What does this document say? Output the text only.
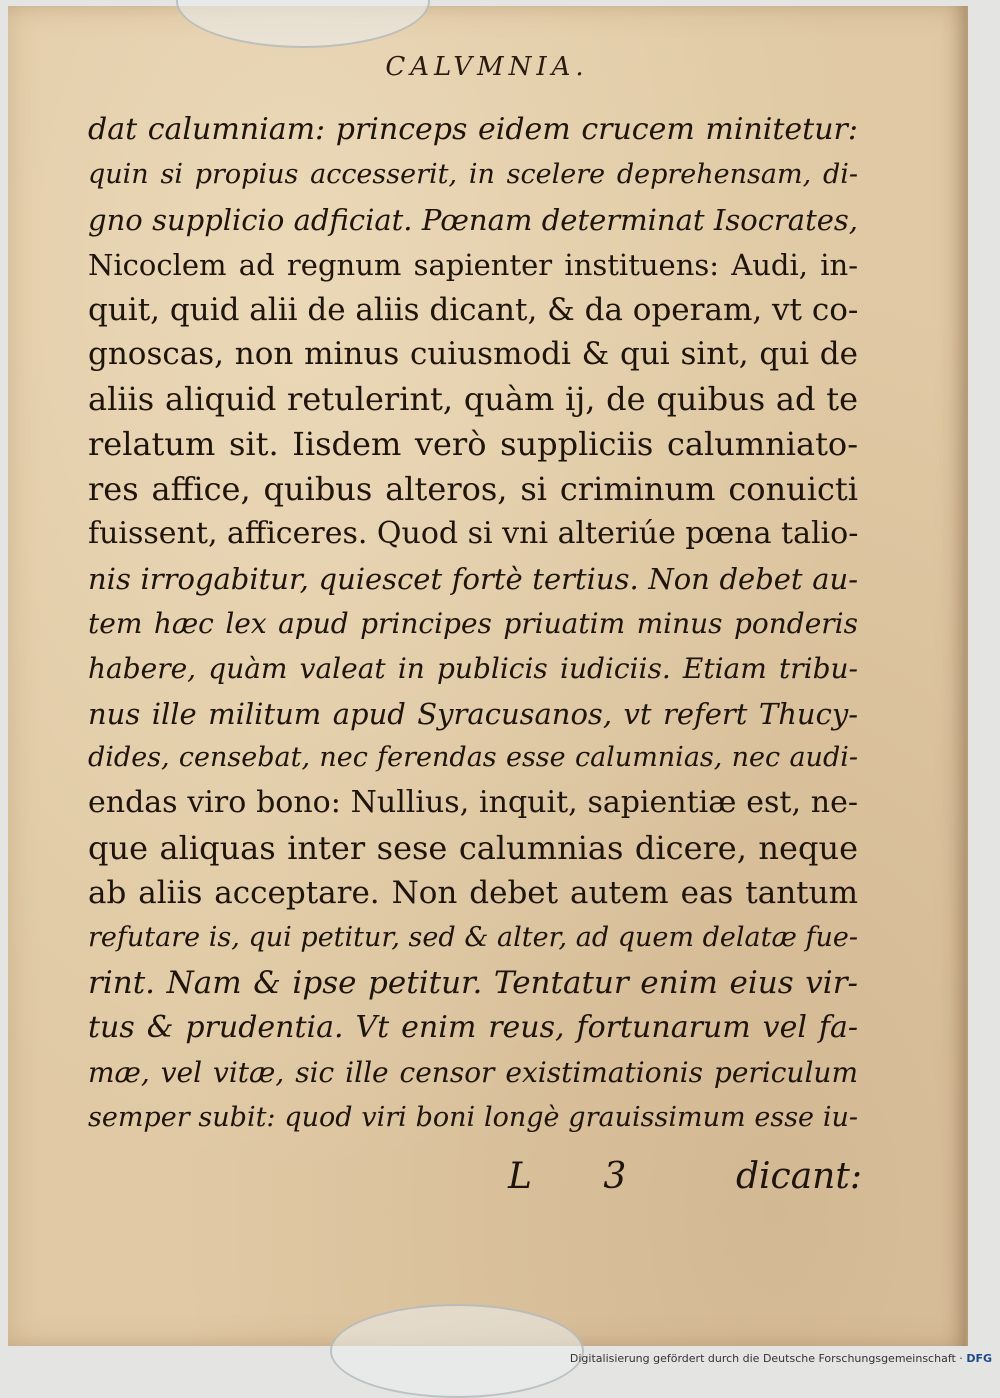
CALVMNIA.
dat calumniam: princeps eidem crucem minitetur:
quin si propius accesserit, in scelere deprehensam, di-
gno supplicio adficiat. Pœnam determinat Isocrates,
Nicoclem ad regnum sapienter instituens: Audi, in-
quit, quid alii de aliis dicant, & da operam, vt co-
gnoscas, non minus cuiusmodi & qui sint, qui de
aliis aliquid retulerint, quàm ij, de quibus ad te
relatum sit. Iisdem verò suppliciis calumniato-
res affice, quibus alteros, si criminum conuicti
fuissent, afficeres. Quod si vni alteriúe pœna talio-
nis irrogabitur, quiescet fortè tertius. Non debet au-
tem hæc lex apud principes priuatim minus ponderis
habere, quàm valeat in publicis iudiciis. Etiam tribu-
nus ille militum apud Syracusanos, vt refert Thucy-
dides, censebat, nec ferendas esse calumnias, nec audi-
endas viro bono: Nullius, inquit, sapientiæ est, ne-
que aliquas inter sese calumnias dicere, neque
ab aliis acceptare. Non debet autem eas tantum
refutare is, qui petitur, sed & alter, ad quem delatæ fue-
rint. Nam & ipse petitur. Tentatur enim eius vir-
tus & prudentia. Vt enim reus, fortunarum vel fa-
mæ, vel vitæ, sic ille censor existimationis periculum
semper subit: quod viri boni longè grauissimum esse iu-
L 3 dicant:
Digitalisierung gefördert durch die Deutsche Forschungsgemeinschaft · DFG
